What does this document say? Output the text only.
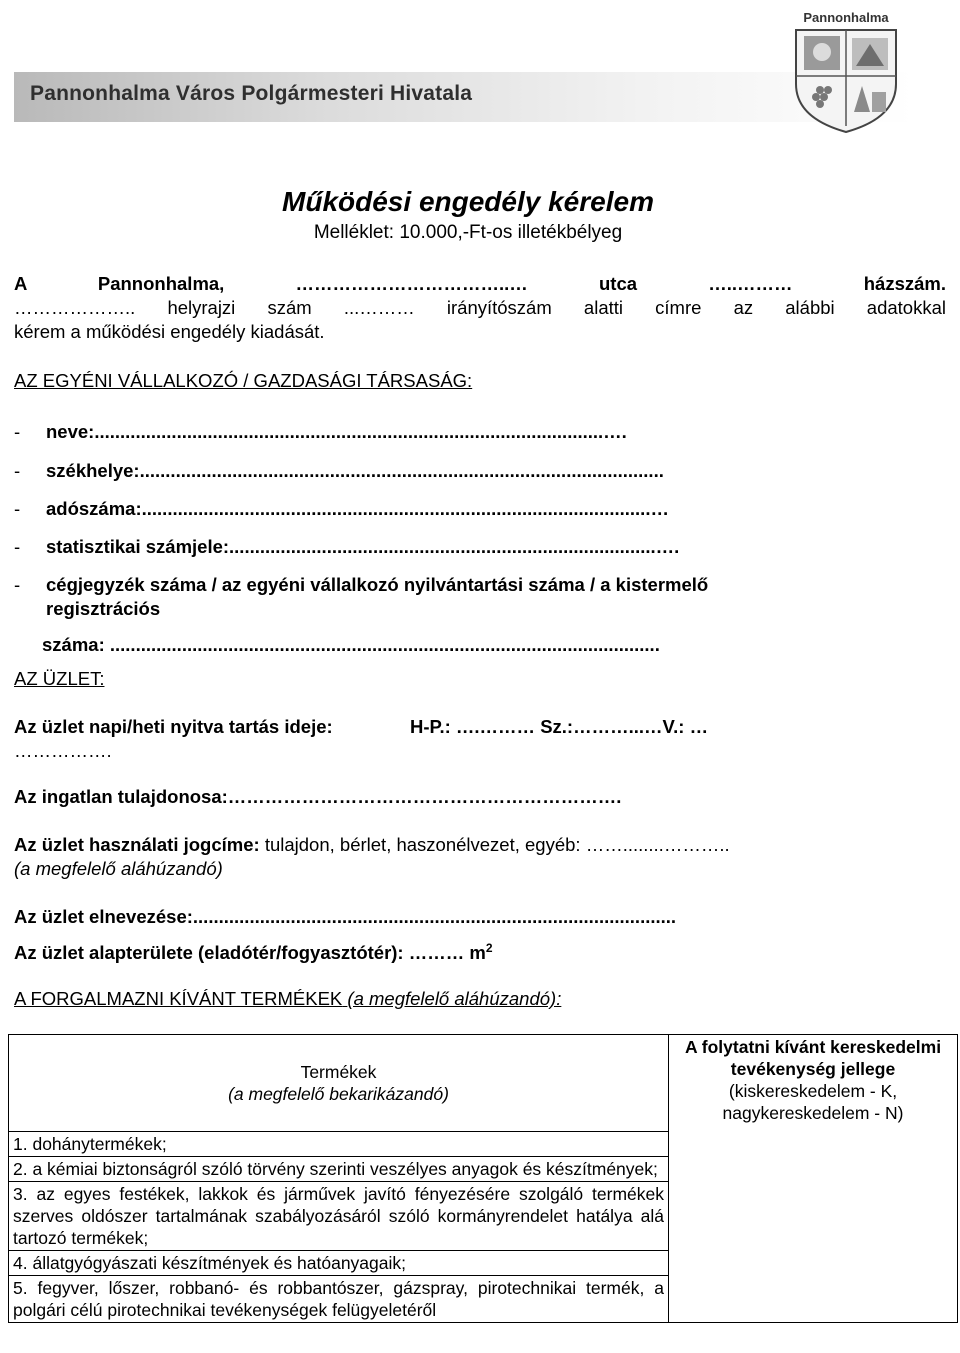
Pannonhalma Város Polgármesteri Hivatala
Pannonhalma
Működési engedély kérelem
Melléklet: 10.000,-Ft-os illetékbélyeg
A Pannonhalma, ……………………………..… utca …..……… házszám.
……………….. helyrajzi szám ...……… irányítószám alatti címre az alábbi adatokkal
kérem a működési engedély kiadását.
AZ EGYÉNI VÁLLALKOZÓ / GAZDASÁGI TÁRSASÁG:
- neve:...................................................................................................….
- székhelye:......................................................................................................
- adószáma:...................................................................................................…
- statisztikai számjele:...................................................................................….
- cégjegyzék száma / az egyéni vállalkozó nyilvántartási száma / a kistermelő
regisztrációs
száma: ...........................................................................................................
AZ ÜZLET:
Az üzlet napi/heti nyitva tartás ideje:	H-P.: ….……… Sz.:………...…V.: …
…………….
Az ingatlan tulajdonosa:……………………………………………………….
Az üzlet használati jogcíme: tulajdon, bérlet, haszonélvezet, egyéb: ……........………..
(a megfelelő aláhúzandó)
Az üzlet elnevezése:..............................................................................................
Az üzlet alapterülete (eladótér/fogyasztótér): ……… $m^2$
A FORGALMAZNI KÍVÁNT TERMÉKEK (a megfelelő aláhúzandó):
Termékek
(a megfelelő bekarikázandó)
	A folytatni kívánt kereskedelmi tevékenység jellege (kiskereskedelem - K, nagykereskedelem - N)
1. dohánytermékek;
2. a kémiai biztonságról szóló törvény szerinti veszélyes anyagok és készítmények;
3. az egyes festékek, lakkok és járművek javító fényezésére szolgáló termékek szerves oldószer tartalmának szabályozásáról szóló kormányrendelet hatálya alá tartozó termékek;
4. állatgyógyászati készítmények és hatóanyagaik;
5. fegyver, lőszer, robbanó- és robbantószer, gázspray, pirotechnikai termék, a polgári célú pirotechnikai tevékenységek felügyeletéről
